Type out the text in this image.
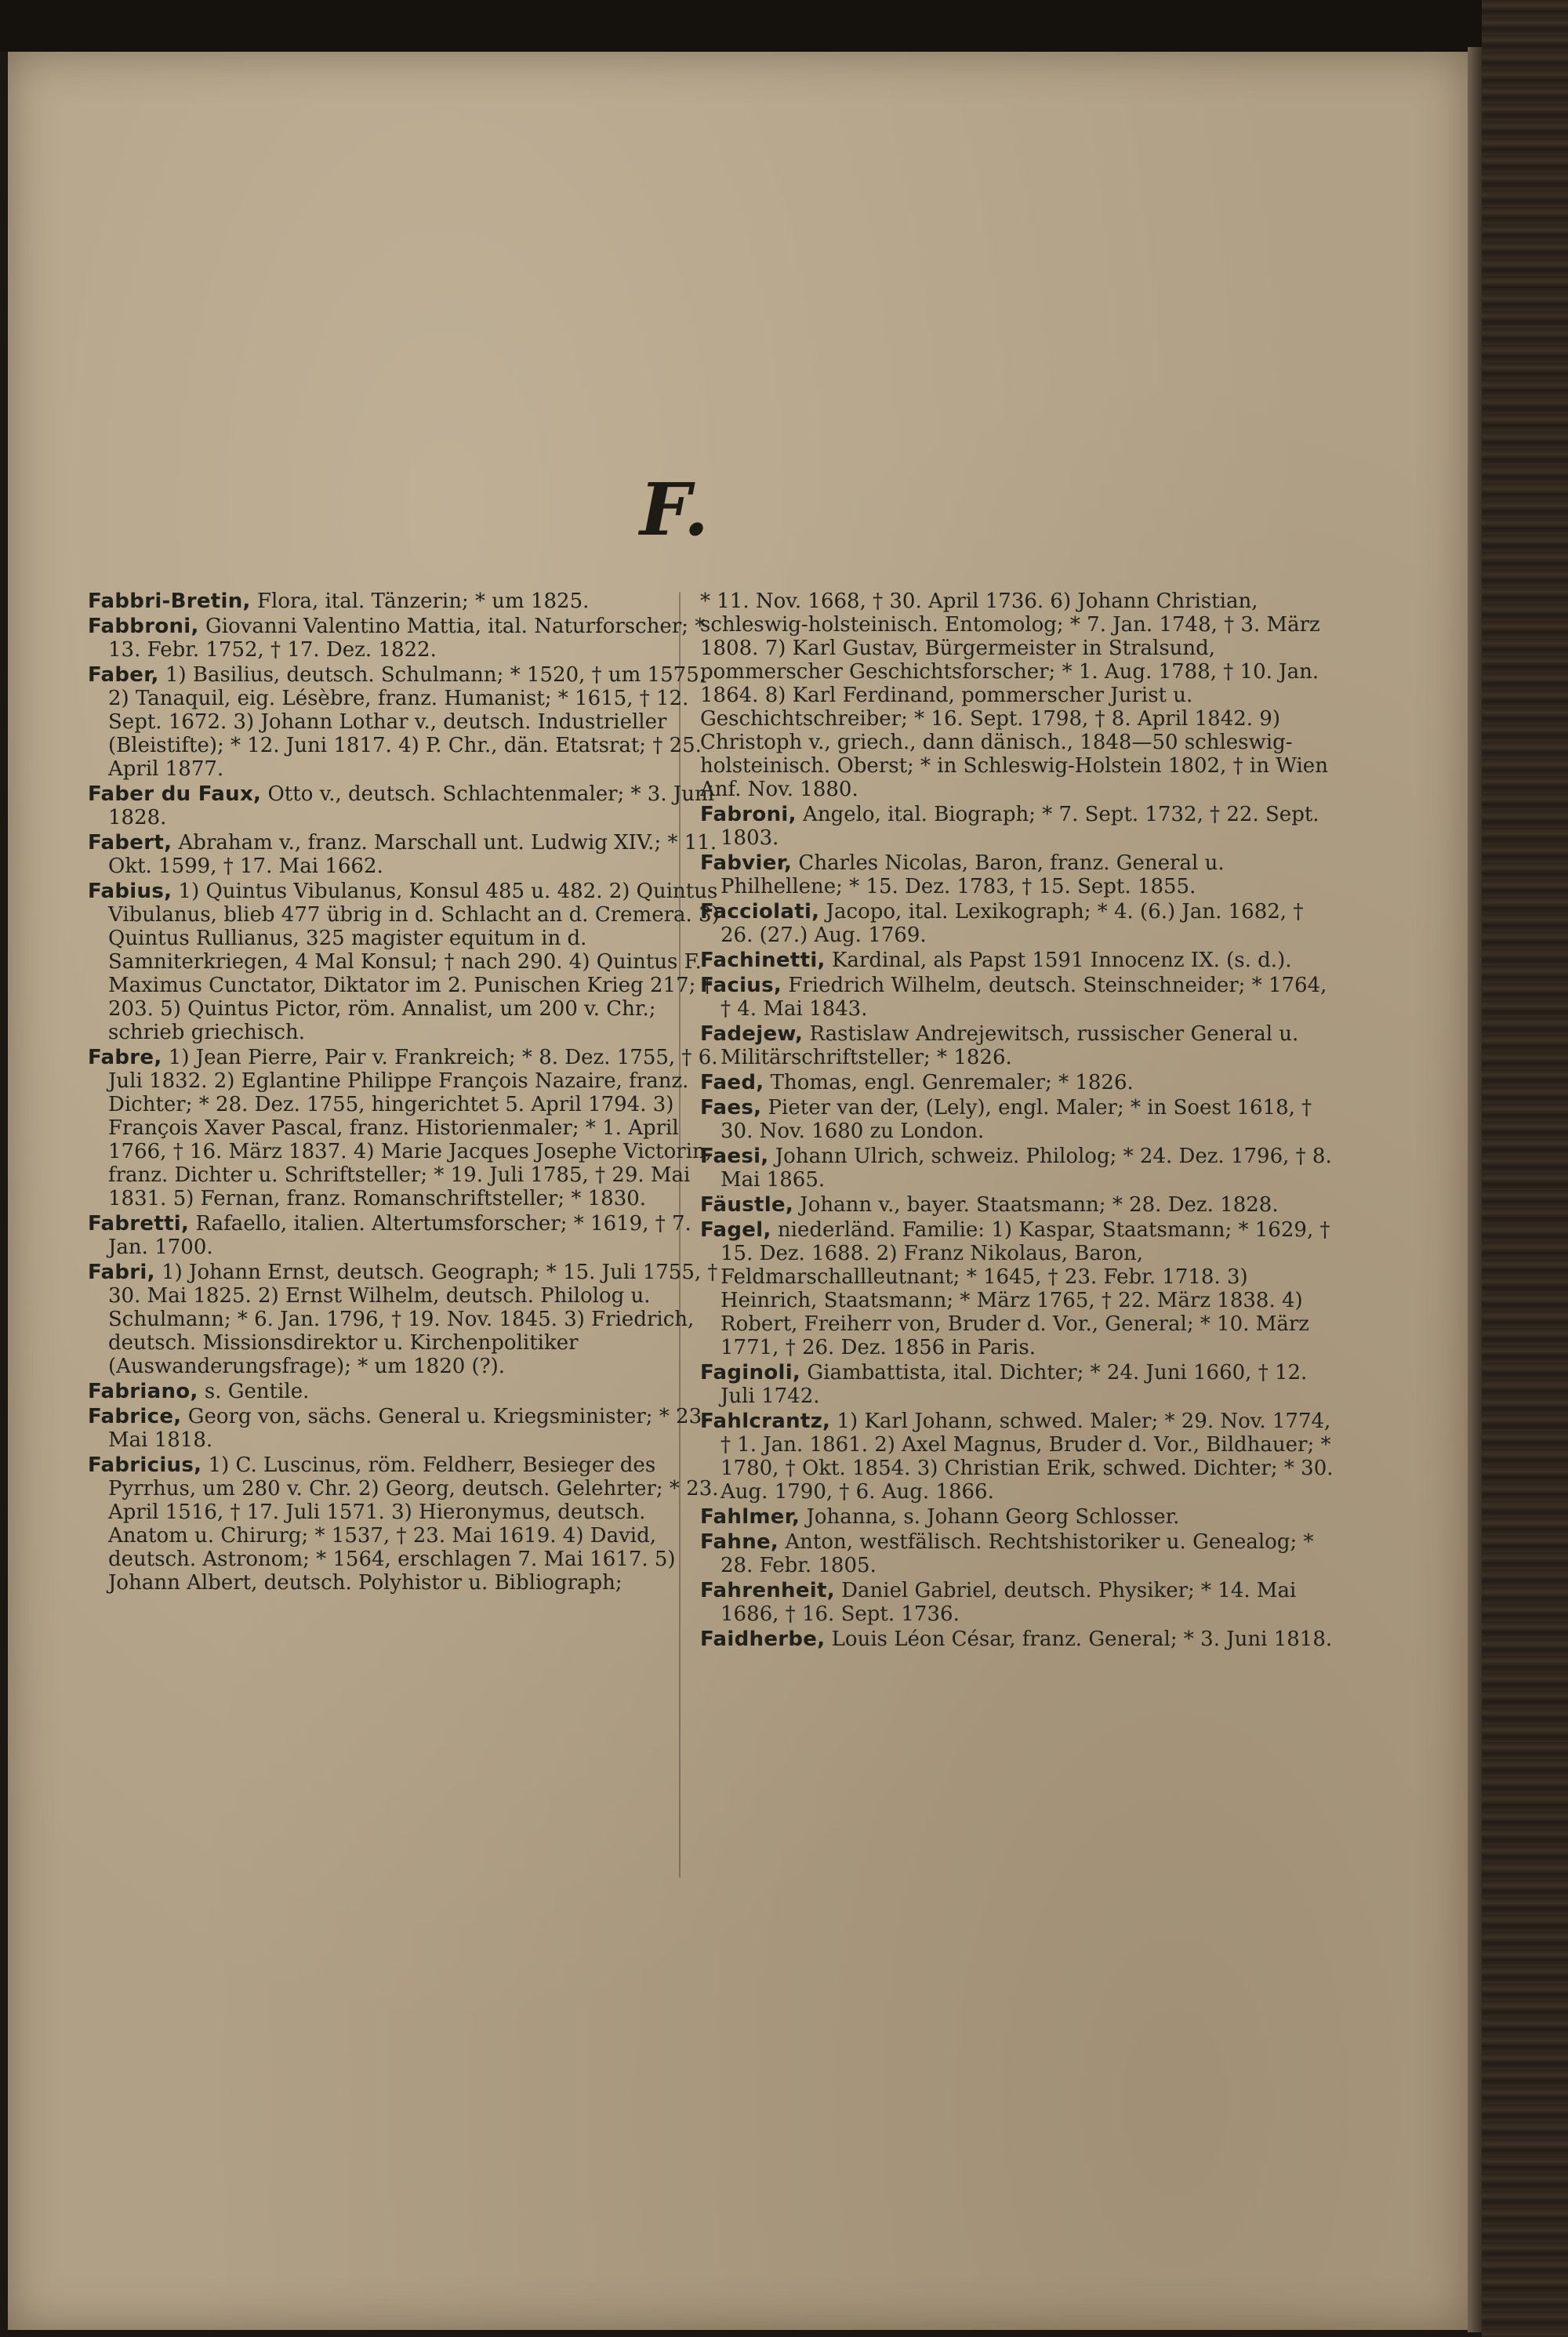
F.

Fabbri-Bretin, Flora, ital. Tänzerin; * um 1825.

Fabbroni, Giovanni Valentino Mattia, ital. Naturforscher; * 13. Febr. 1752, † 17. Dez. 1822.

Faber, 1) Basilius, deutsch. Schulmann; * 1520, † um 1575. 2) Tanaquil, eig. Lésèbre, franz. Humanist; * 1615, † 12. Sept. 1672. 3) Johann Lothar v., deutsch. Industrieller (Bleistifte); * 12. Juni 1817. 4) P. Chr., dän. Etatsrat; † 25. April 1877.

Faber du Faux, Otto v., deutsch. Schlachtenmaler; * 3. Juni 1828.

Fabert, Abraham v., franz. Marschall unt. Ludwig XIV.; * 11. Okt. 1599, † 17. Mai 1662.

Fabius, 1) Quintus Vibulanus, Konsul 485 u. 482. 2) Quintus Vibulanus, blieb 477 übrig in d. Schlacht an d. Cremera. 3) Quintus Rullianus, 325 magister equitum in d. Samniterkriegen, 4 Mal Konsul; † nach 290. 4) Quintus F. Maximus Cunctator, Diktator im 2. Punischen Krieg 217; † 203. 5) Quintus Pictor, röm. Annalist, um 200 v. Chr.; schrieb griechisch.

Fabre, 1) Jean Pierre, Pair v. Frankreich; * 8. Dez. 1755, † 6. Juli 1832. 2) Eglantine Philippe François Nazaire, franz. Dichter; * 28. Dez. 1755, hingerichtet 5. April 1794. 3) François Xaver Pascal, franz. Historienmaler; * 1. April 1766, † 16. März 1837. 4) Marie Jacques Josephe Victorin, franz. Dichter u. Schriftsteller; * 19. Juli 1785, † 29. Mai 1831. 5) Fernan, franz. Romanschriftsteller; * 1830.

Fabretti, Rafaello, italien. Altertumsforscher; * 1619, † 7. Jan. 1700.

Fabri, 1) Johann Ernst, deutsch. Geograph; * 15. Juli 1755, † 30. Mai 1825. 2) Ernst Wilhelm, deutsch. Philolog u. Schulmann; * 6. Jan. 1796, † 19. Nov. 1845. 3) Friedrich, deutsch. Missionsdirektor u. Kirchenpolitiker (Auswanderungsfrage); * um 1820 (?).

Fabriano, s. Gentile.

Fabrice, Georg von, sächs. General u. Kriegsminister; * 23. Mai 1818.

Fabricius, 1) C. Luscinus, röm. Feldherr, Besieger des Pyrrhus, um 280 v. Chr. 2) Georg, deutsch. Gelehrter; * 23. April 1516, † 17. Juli 1571. 3) Hieronymus, deutsch. Anatom u. Chirurg; * 1537, † 23. Mai 1619. 4) David, deutsch. Astronom; * 1564, erschlagen 7. Mai 1617. 5) Johann Albert, deutsch. Polyhistor u. Bibliograph;

* 11. Nov. 1668, † 30. April 1736. 6) Johann Christian, schleswig-holsteinisch. Entomolog; * 7. Jan. 1748, † 3. März 1808. 7) Karl Gustav, Bürgermeister in Stralsund, pommerscher Geschichtsforscher; * 1. Aug. 1788, † 10. Jan. 1864. 8) Karl Ferdinand, pommerscher Jurist u. Geschichtschreiber; * 16. Sept. 1798, † 8. April 1842. 9) Christoph v., griech., dann dänisch., 1848—50 schleswig-holsteinisch. Oberst; * in Schleswig-Holstein 1802, † in Wien Anf. Nov. 1880.

Fabroni, Angelo, ital. Biograph; * 7. Sept. 1732, † 22. Sept. 1803.

Fabvier, Charles Nicolas, Baron, franz. General u. Philhellene; * 15. Dez. 1783, † 15. Sept. 1855.

Facciolati, Jacopo, ital. Lexikograph; * 4. (6.) Jan. 1682, † 26. (27.) Aug. 1769.

Fachinetti, Kardinal, als Papst 1591 Innocenz IX. (s. d.).

Facius, Friedrich Wilhelm, deutsch. Steinschneider; * 1764, † 4. Mai 1843.

Fadejew, Rastislaw Andrejewitsch, russischer General u. Militärschriftsteller; * 1826.

Faed, Thomas, engl. Genremaler; * 1826.

Faes, Pieter van der, (Lely), engl. Maler; * in Soest 1618, † 30. Nov. 1680 zu London.

Faesi, Johann Ulrich, schweiz. Philolog; * 24. Dez. 1796, † 8. Mai 1865.

Fäustle, Johann v., bayer. Staatsmann; * 28. Dez. 1828.

Fagel, niederländ. Familie: 1) Kaspar, Staatsmann; * 1629, † 15. Dez. 1688. 2) Franz Nikolaus, Baron, Feldmarschallleutnant; * 1645, † 23. Febr. 1718. 3) Heinrich, Staatsmann; * März 1765, † 22. März 1838. 4) Robert, Freiherr von, Bruder d. Vor., General; * 10. März 1771, † 26. Dez. 1856 in Paris.

Faginoli, Giambattista, ital. Dichter; * 24. Juni 1660, † 12. Juli 1742.

Fahlcrantz, 1) Karl Johann, schwed. Maler; * 29. Nov. 1774, † 1. Jan. 1861. 2) Axel Magnus, Bruder d. Vor., Bildhauer; * 1780, † Okt. 1854. 3) Christian Erik, schwed. Dichter; * 30. Aug. 1790, † 6. Aug. 1866.

Fahlmer, Johanna, s. Johann Georg Schlosser.

Fahne, Anton, westfälisch. Rechtshistoriker u. Genealog; * 28. Febr. 1805.

Fahrenheit, Daniel Gabriel, deutsch. Physiker; * 14. Mai 1686, † 16. Sept. 1736.

Faidherbe, Louis Léon César, franz. General; * 3. Juni 1818.
